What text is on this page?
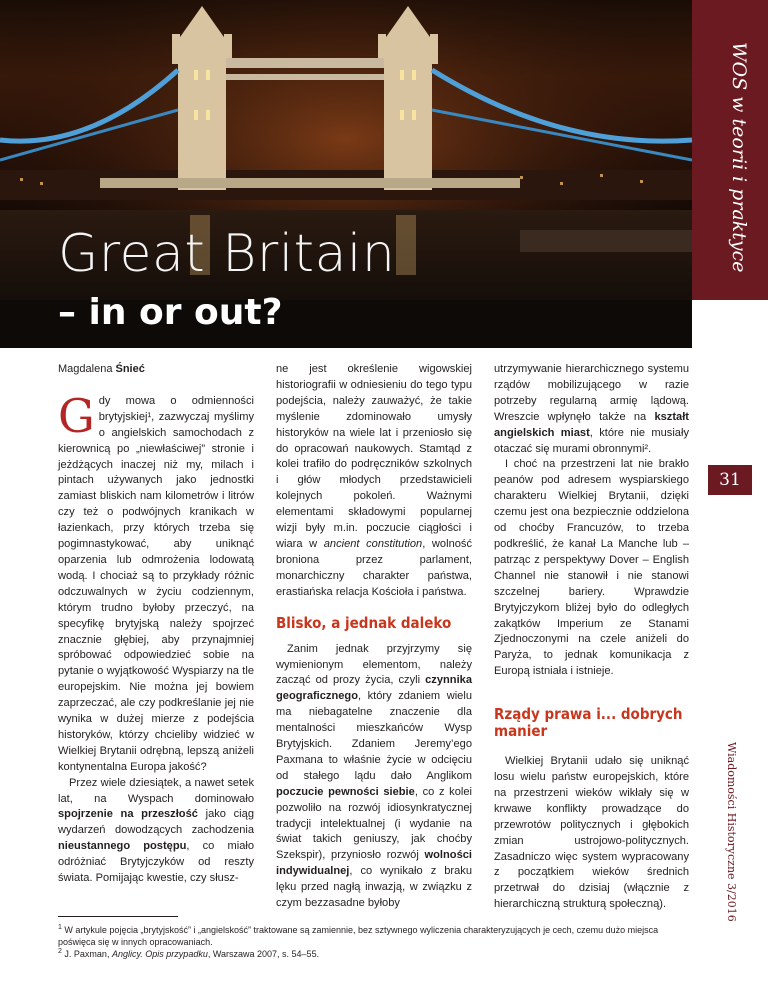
Great Britain
– in or out?
WOS w teorii i praktyce
31
Wiadomości Historyczne 3/2016

Magdalena Śnieć

Gdy mowa o odmienności brytyjskiej¹, zazwyczaj myślimy o angielskich samochodach z kierownicą po „niewłaściwej” stronie i jeżdżących inaczej niż my, milach i pintach używanych jako jednostki zamiast bliskich nam kilometrów i litrów czy też o podwójnych kranikach w łazienkach, przy których trzeba się pogimnastykować, aby uniknąć oparzenia lub odmrożenia lodowatą wodą. I chociaż są to przykłady różnic odczuwalnych w życiu codziennym, którym trudno byłoby przeczyć, na specyfikę brytyjską należy spojrzeć znacznie głębiej, aby przynajmniej spróbować odpowiedzieć sobie na pytanie o wyjątkowość Wyspiarzy na tle europejskim. Nie można jej bowiem zaprzeczać, ale czy podkreślanie jej nie wynika w dużej mierze z podejścia historyków, którzy chcieliby widzieć w Wielkiej Brytanii odrębną, lepszą aniżeli kontynentalna Europa jakość?

Przez wiele dziesiątek, a nawet setek lat, na Wyspach dominowało spojrzenie na przeszłość jako ciąg wydarzeń dowodzących zachodzenia nieustannego postępu, co miało odróżniać Brytyjczyków od reszty świata. Pomijając kwestie, czy słusz-

ne jest określenie wigowskiej historiografii w odniesieniu do tego typu podejścia, należy zauważyć, że takie myślenie zdominowało umysły historyków na wiele lat i przeniosło się do opracowań naukowych. Stamtąd z kolei trafiło do podręczników szkolnych i głów młodych przedstawicieli kolejnych pokoleń. Ważnymi elementami składowymi popularnej wizji były m.in. poczucie ciągłości i wiara w ancient constitution, wolność bronionа przez parlament, monarchiczny charakter państwa, erastiańska relacja Kościoła i państwa.

Blisko, a jednak daleko

Zanim jednak przyjrzymy się wymienionym elementom, należy zacząć od prozy życia, czyli czynnika geograficznego, który zdaniem wielu ma niebagatelne znaczenie dla mentalności mieszkańców Wysp Brytyjskich. Zdaniem Jeremy’ego Paxmana to właśnie życie w odcięciu od stałego lądu dało Anglikom poczucie pewności siebie, co z kolei pozwoliło na rozwój idiosynkratycznej tradycji intelektualnej (i wydanie na świat takich geniuszy, jak choćby Szekspir), przyniosło rozwój wolności indywidualnej, co wynikało z braku lęku przed nagłą inwazją, w związku z czym bezzasadne byłoby

utrzymywanie hierarchicznego systemu rządów mobilizującego w razie potrzeby regularną armię lądową. Wreszcie wpłynęło także na kształt angielskich miast, które nie musiały otaczać się murami obronnymi².

I choć na przestrzeni lat nie brakło peanów pod adresem wyspiarskiego charakteru Wielkiej Brytanii, dzięki czemu jest ona bezpiecznie oddzielona od choćby Francuzów, to trzeba podkreślić, że kanał La Manche lub – patrząc z perspektywy Dover – English Channel nie stanowił i nie stanowi szczelnej bariery. Wprawdzie Brytyjczykom bliżej było do odległych zakątków Imperium ze Stanami Zjednoczonymi na czele aniżeli do Paryża, to jednak komunikacja z Europą istniała i istnieje.

Rządy prawa i... dobrych manier

Wielkiej Brytanii udało się uniknąć losu wielu państw europejskich, które na przestrzeni wieków wikłały się w krwawe konflikty prowadzące do przewrotów politycznych i głębokich zmian ustrojowo-politycznych. Zasadniczo więc system wypracowany z początkiem wieków średnich przetrwał do dzisiaj (włącznie z hierarchiczną strukturą społeczną).

$^1$ W artykule pojęcia „brytyjskość” i „angielskość” traktowane są zamiennie, bez sztywnego wyliczenia charakteryzujących je cech, czemu dużo miejsca poświęca się w innych opracowaniach.

$^2$ J. Paxman, Anglicy. Opis przypadku, Warszawa 2007, s. 54–55.
